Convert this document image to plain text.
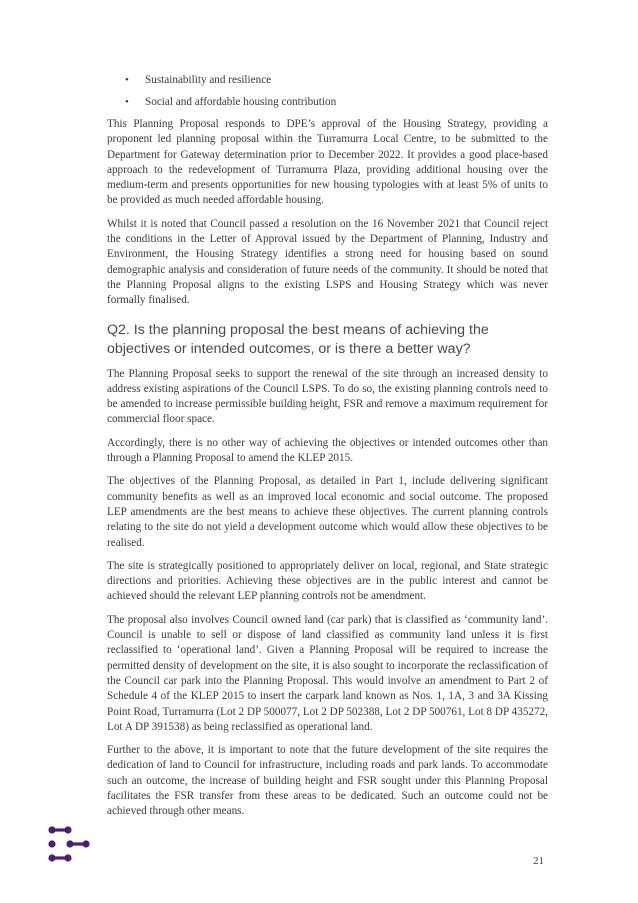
• Sustainability and resilience
• Social and affordable housing contribution

This Planning Proposal responds to DPE’s approval of the Housing Strategy, providing a proponent led planning proposal within the Turramurra Local Centre, to be submitted to the Department for Gateway determination prior to December 2022. It provides a good place-based approach to the redevelopment of Turramurra Plaza, providing additional housing over the medium-term and presents opportunities for new housing typologies with at least 5% of units to be provided as much needed affordable housing.

Whilst it is noted that Council passed a resolution on the 16 November 2021 that Council reject the conditions in the Letter of Approval issued by the Department of Planning, Industry and Environment, the Housing Strategy identifies a strong need for housing based on sound demographic analysis and consideration of future needs of the community. It should be noted that the Planning Proposal aligns to the existing LSPS and Housing Strategy which was never formally finalised.

Q2. Is the planning proposal the best means of achieving the objectives or intended outcomes, or is there a better way?

The Planning Proposal seeks to support the renewal of the site through an increased density to address existing aspirations of the Council LSPS. To do so, the existing planning controls need to be amended to increase permissible building height, FSR and remove a maximum requirement for commercial floor space.

Accordingly, there is no other way of achieving the objectives or intended outcomes other than through a Planning Proposal to amend the KLEP 2015.

The objectives of the Planning Proposal, as detailed in Part 1, include delivering significant community benefits as well as an improved local economic and social outcome. The proposed LEP amendments are the best means to achieve these objectives. The current planning controls relating to the site do not yield a development outcome which would allow these objectives to be realised.

The site is strategically positioned to appropriately deliver on local, regional, and State strategic directions and priorities. Achieving these objectives are in the public interest and cannot be achieved should the relevant LEP planning controls not be amendment.

The proposal also involves Council owned land (car park) that is classified as ‘community land’. Council is unable to sell or dispose of land classified as community land unless it is first reclassified to ‘operational land’. Given a Planning Proposal will be required to increase the permitted density of development on the site, it is also sought to incorporate the reclassification of the Council car park into the Planning Proposal. This would involve an amendment to Part 2 of Schedule 4 of the KLEP 2015 to insert the carpark land known as Nos. 1, 1A, 3 and 3A Kissing Point Road, Turramurra (Lot 2 DP 500077, Lot 2 DP 502388, Lot 2 DP 500761, Lot 8 DP 435272, Lot A DP 391538) as being reclassified as operational land.

Further to the above, it is important to note that the future development of the site requires the dedication of land to Council for infrastructure, including roads and park lands. To accommodate such an outcome, the increase of building height and FSR sought under this Planning Proposal facilitates the FSR transfer from these areas to be dedicated. Such an outcome could not be achieved through other means.

21
